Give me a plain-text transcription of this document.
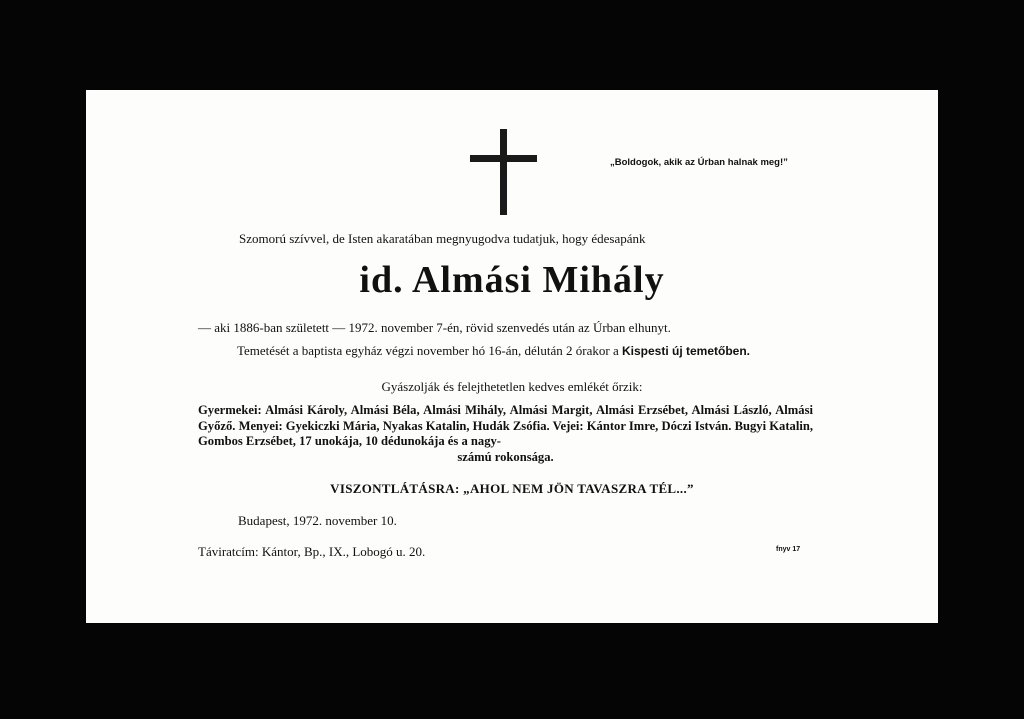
„Boldogok, akik az Úrban halnak meg!”
Szomorú szívvel, de Isten akaratában megnyugodva tudatjuk, hogy édesapánk
id. Almási Mihály
— aki 1886-ban született — 1972. november 7-én, rövid szenvedés után az Úrban elhunyt.
Temetését a baptista egyház végzi november hó 16-án, délután 2 órakor a Kispesti új temetőben.
Gyászolják és felejthetetlen kedves emlékét őrzik:
Gyermekei: Almási Károly, Almási Béla, Almási Mihály, Almási Margit, Almási Erzsébet, Almási László, Almási Győző. Menyei: Gyekiczki Mária, Nyakas Katalin, Hudák Zsófia. Vejei: Kántor Imre, Dóczi István. Bugyi Katalin, Gombos Erzsébet, 17 unokája, 10 dédunokája és a nagy-
számú rokonsága.
VISZONTLÁTÁSRA: „AHOL NEM JÖN TAVASZRA TÉL...”
Budapest, 1972. november 10.
Táviratcím: Kántor, Bp., IX., Lobogó u. 20.	fnyv 17
